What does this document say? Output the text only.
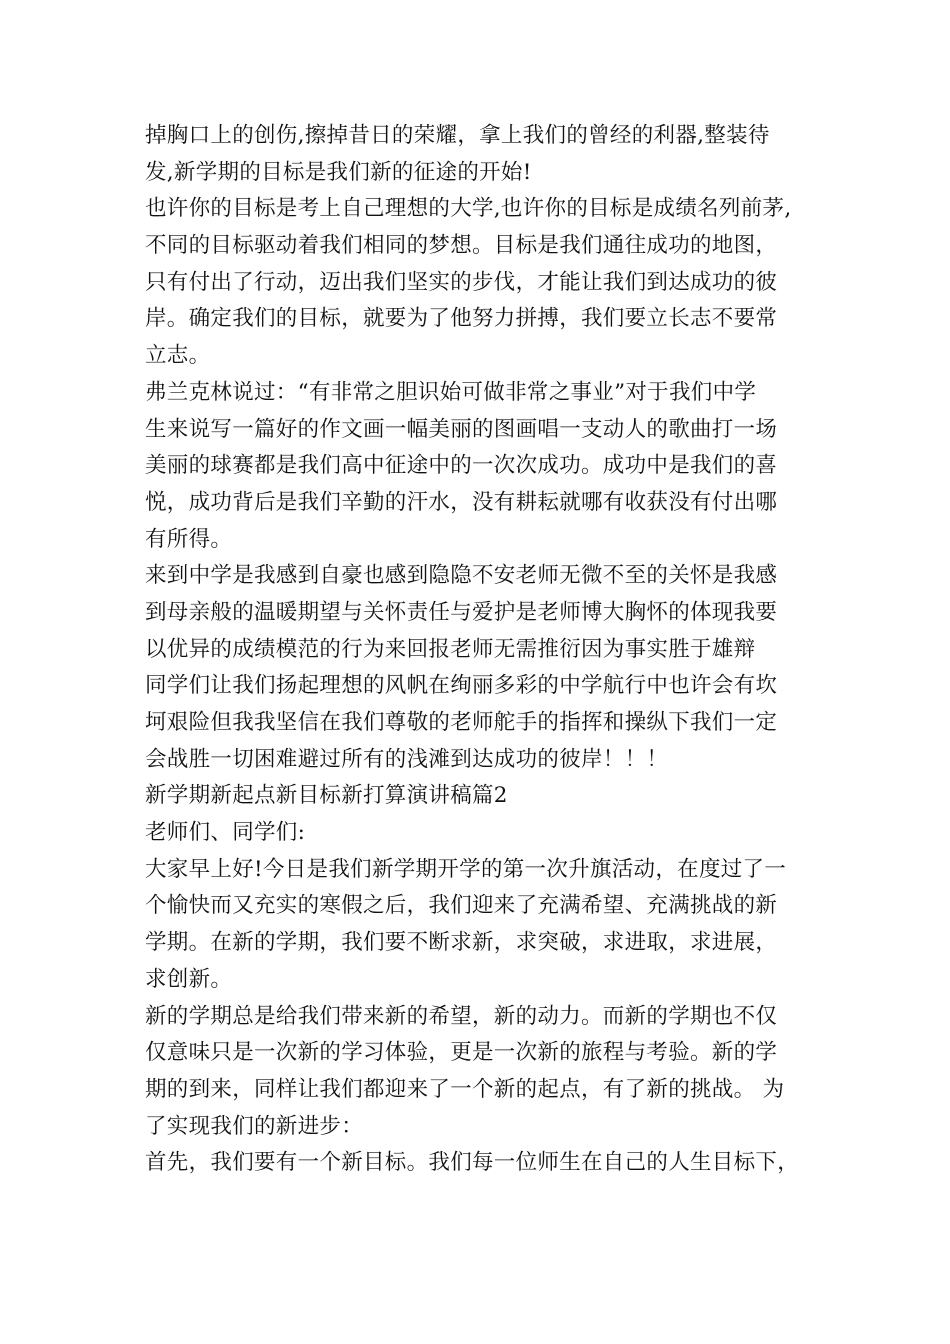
掉胸口上的创伤,擦掉昔日的荣耀，拿上我们的曾经的利器,整装待
发,新学期的目标是我们新的征途的开始!
也许你的目标是考上自己理想的大学,也许你的目标是成绩名列前茅,
不同的目标驱动着我们相同的梦想。目标是我们通往成功的地图，
只有付出了行动，迈出我们坚实的步伐，才能让我们到达成功的彼
岸。确定我们的目标，就要为了他努力拼搏，我们要立长志不要常
立志。
弗兰克林说过：“有非常之胆识始可做非常之事业”对于我们中学
生来说写一篇好的作文画一幅美丽的图画唱一支动人的歌曲打一场
美丽的球赛都是我们高中征途中的一次次成功。成功中是我们的喜
悦，成功背后是我们辛勤的汗水，没有耕耘就哪有收获没有付出哪
有所得。
来到中学是我感到自豪也感到隐隐不安老师无微不至的关怀是我感
到母亲般的温暖期望与关怀责任与爱护是老师博大胸怀的体现我要
以优异的成绩模范的行为来回报老师无需推衍因为事实胜于雄辩
同学们让我们扬起理想的风帆在绚丽多彩的中学航行中也许会有坎
坷艰险但我我坚信在我们尊敬的老师舵手的指挥和操纵下我们一定
会战胜一切困难避过所有的浅滩到达成功的彼岸！！！
新学期新起点新目标新打算演讲稿篇2
老师们、同学们:
大家早上好!今日是我们新学期开学的第一次升旗活动，在度过了一
个愉快而又充实的寒假之后，我们迎来了充满希望、充满挑战的新
学期。在新的学期，我们要不断求新，求突破，求进取，求进展，
求创新。
新的学期总是给我们带来新的希望，新的动力。而新的学期也不仅
仅意味只是一次新的学习体验，更是一次新的旅程与考验。新的学
期的到来，同样让我们都迎来了一个新的起点，有了新的挑战。 为
了实现我们的新进步：
首先，我们要有一个新目标。我们每一位师生在自己的人生目标下，
